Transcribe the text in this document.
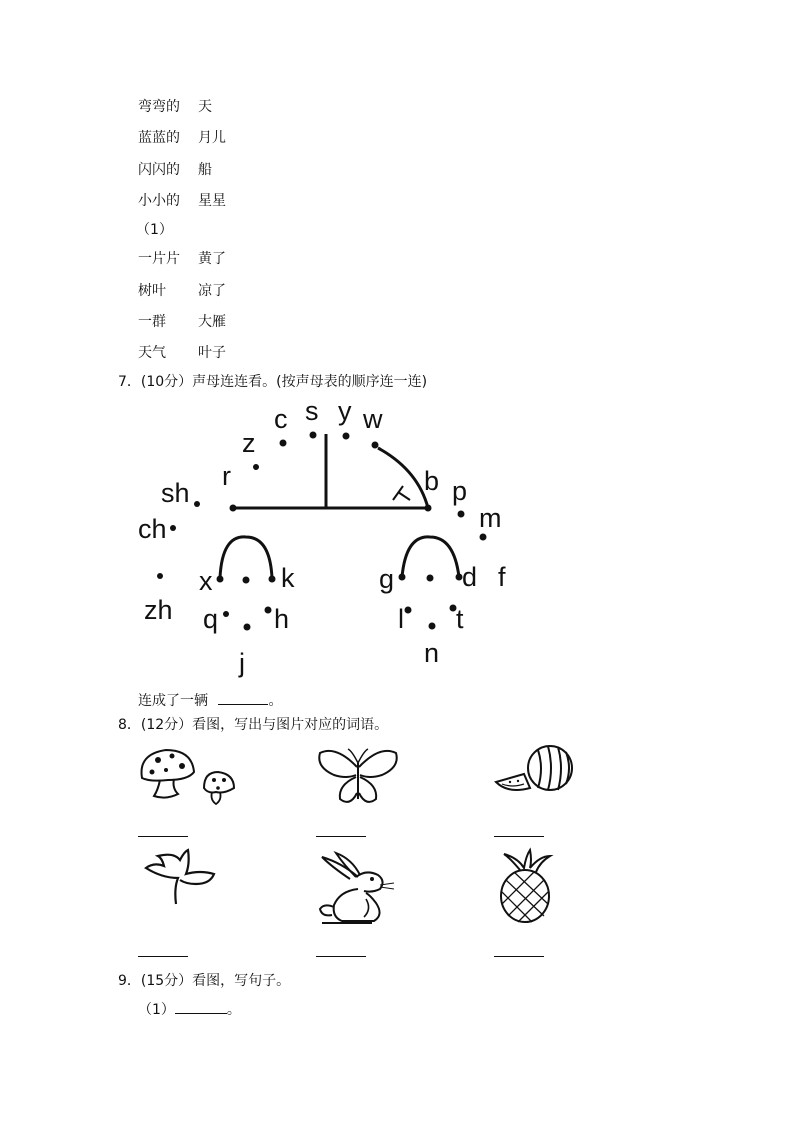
弯弯的 天
蓝蓝的 月儿
闪闪的 船
小小的 星星
（1）
一片片 黄了
树叶 凉了
一群 大雁
天气 叶子
7．(10分）声母连连看。(按声母表的顺序连一连)
c s y w
z
r
sh
ch
zh
b p
m
x	k
q h
j
g	d f
l t
n
连成了一辆	。
8．(12分）看图，写出与图片对应的词语。
9．(15分）看图，写句子。
（1）	。
